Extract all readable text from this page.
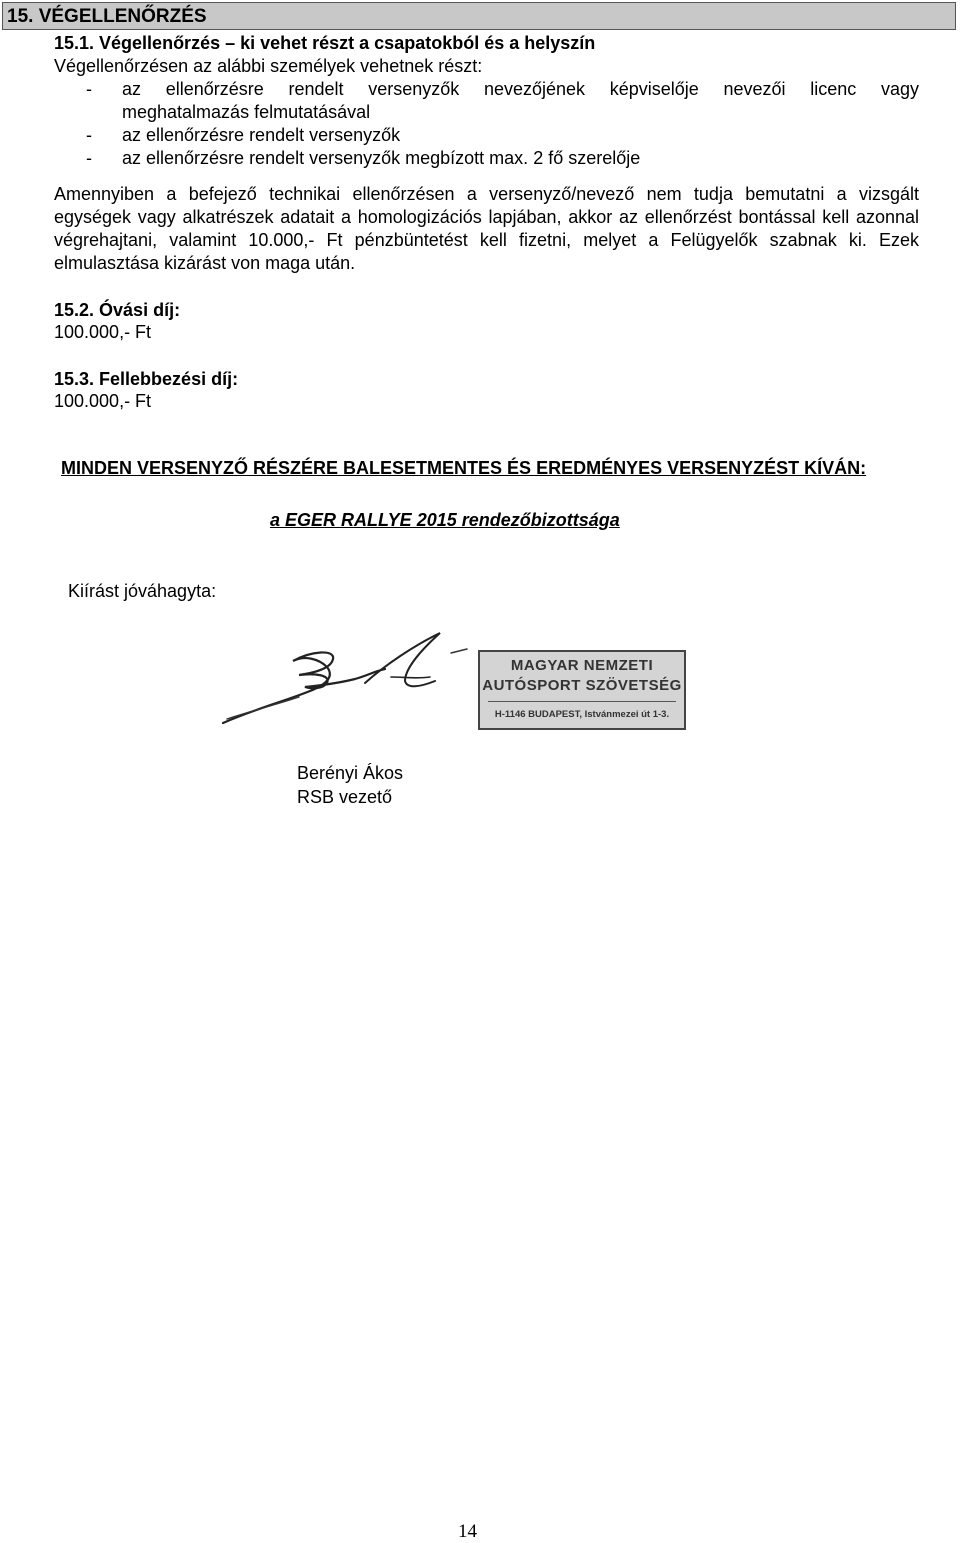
15. VÉGELLENŐRZÉS
15.1. Végellenőrzés – ki vehet részt a csapatokból és a helyszín
Végellenőrzésen az alábbi személyek vehetnek részt:
- az ellenőrzésre rendelt versenyzők nevezőjének képviselője nevezői licenc vagy
meghatalmazás felmutatásával
- az ellenőrzésre rendelt versenyzők
- az ellenőrzésre rendelt versenyzők megbízott max. 2 fő szerelője
Amennyiben a befejező technikai ellenőrzésen a versenyző/nevező nem tudja bemutatni a vizsgált egységek vagy alkatrészek adatait a homologizációs lapjában, akkor az ellenőrzést bontással kell azonnal végrehajtani, valamint 10.000,- Ft pénzbüntetést kell fizetni, melyet a Felügyelők szabnak ki. Ezek elmulasztása kizárást von maga után.
15.2. Óvási díj:
100.000,- Ft
15.3. Fellebbezési díj:
100.000,- Ft
MINDEN VERSENYZŐ RÉSZÉRE BALESETMENTES ÉS EREDMÉNYES VERSENYZÉST KÍVÁN:
a EGER RALLYE 2015 rendezőbizottsága
Kiírást jóváhagyta:
MAGYAR NEMZETI
AUTÓSPORT SZÖVETSÉG
H-1146 BUDAPEST, Istvánmezei út 1-3.
Berényi Ákos
RSB vezető
14
